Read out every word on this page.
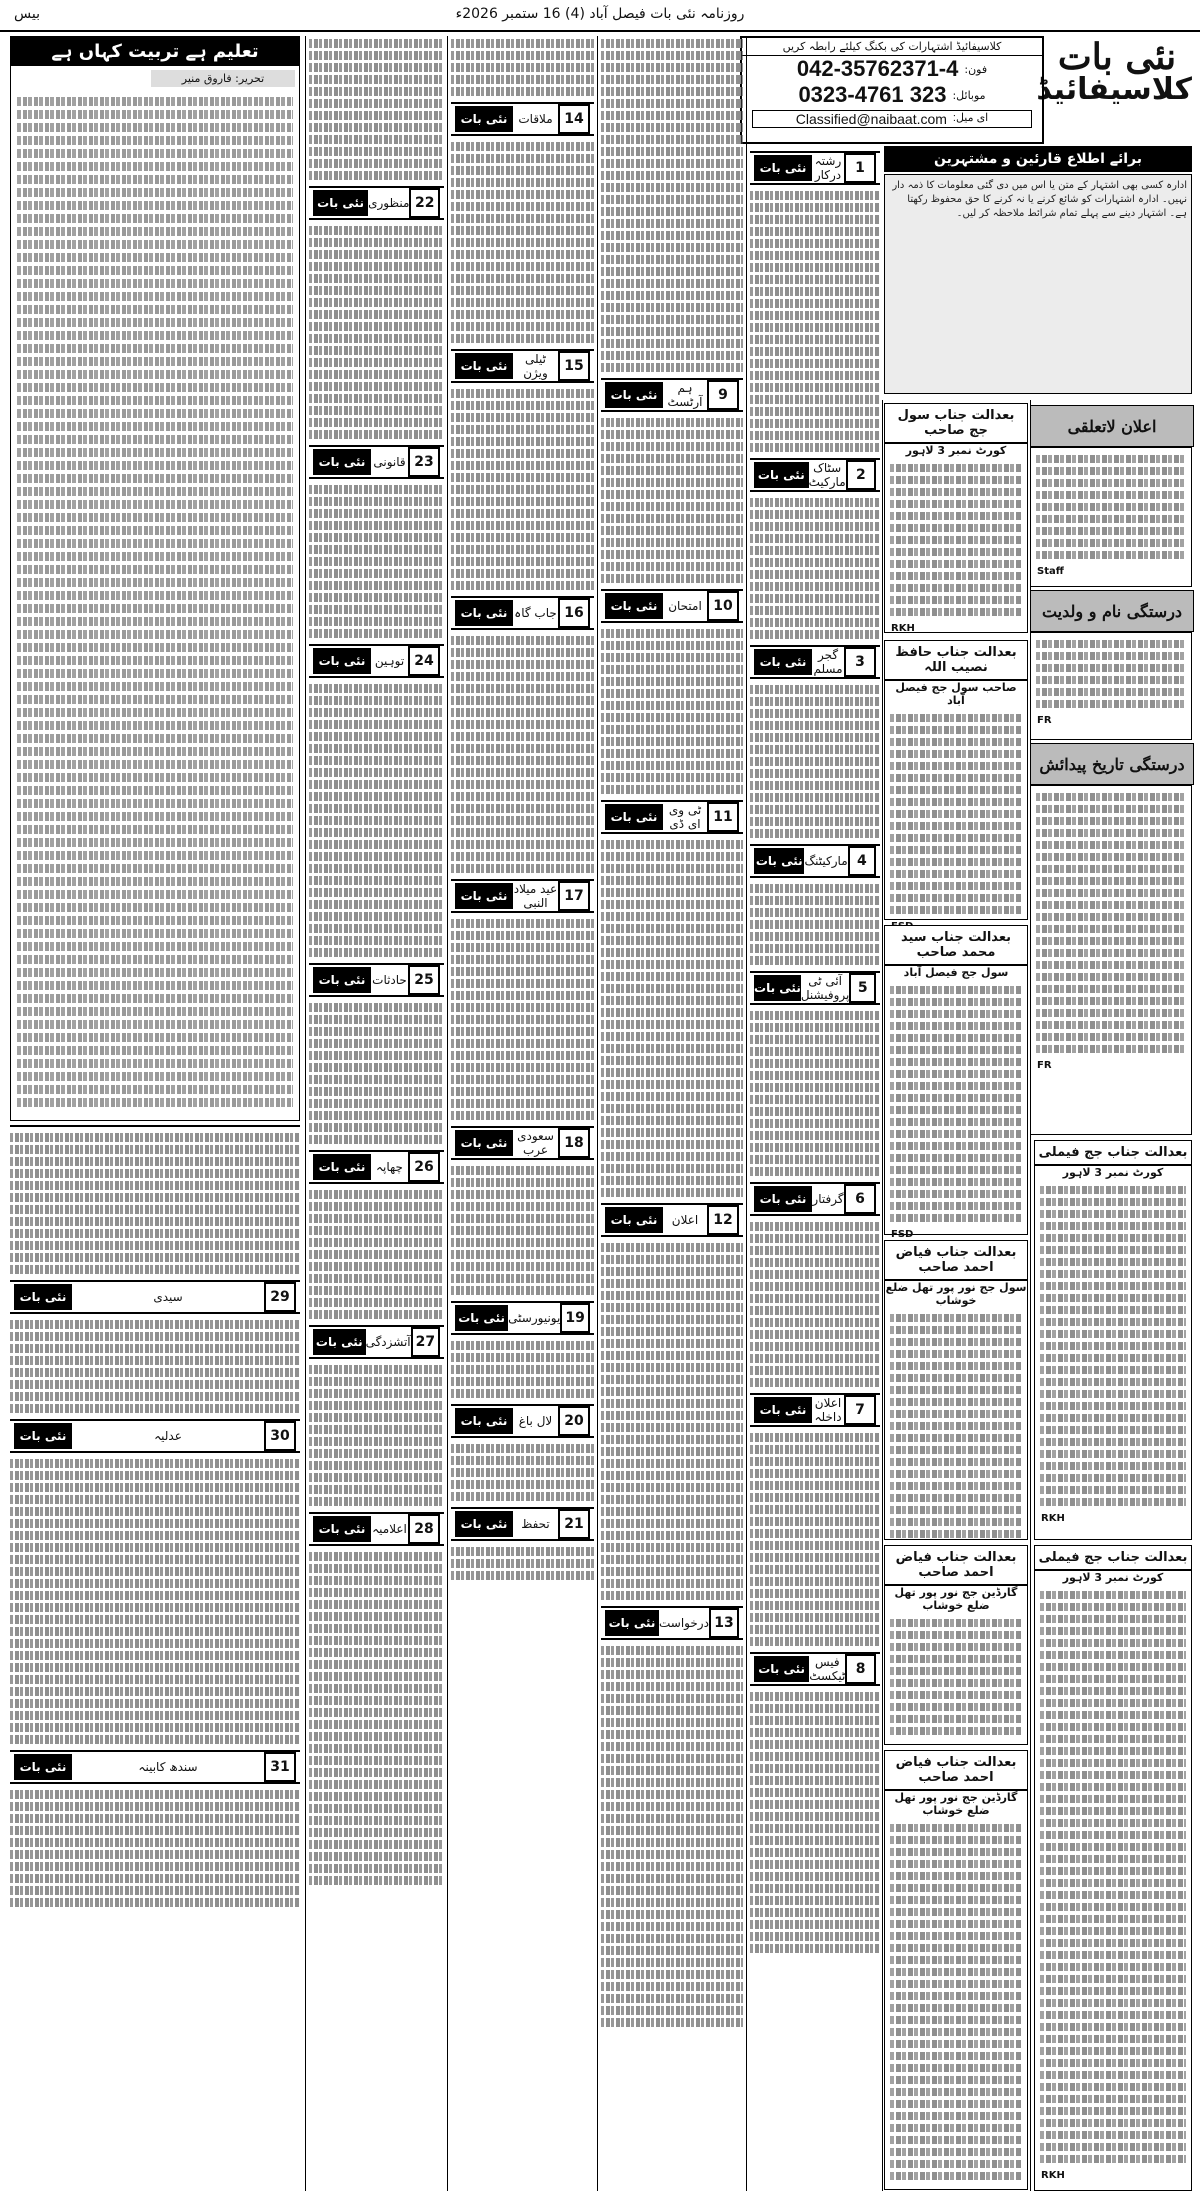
روزنامہ نئی بات فیصل آباد (4) 16 ستمبر 2026ء
بیس
نئی بات
کلاسیفائیڈ
کلاسیفائیڈ اشتہارات کی بکنگ کیلئے رابطہ کریں
042-35762371-4 فون:
0323-4761 323 موبائل:
Classified@naibaat.com ای میل:
برائے اطلاع قارئین و مشتہرین
ادارہ کسی بھی اشتہار کے متن یا اس میں دی گئی معلومات کا ذمہ دار نہیں۔ ادارہ اشتہارات کو شائع کرنے یا نہ کرنے کا حق محفوظ رکھتا ہے۔ اشتہار دینے سے پہلے تمام شرائط ملاحظہ کر لیں۔
تعلیم ہے تربیت کہاں ہے
تحریر: فاروق منیر
1
رشتہ درکار
نئی بات
2
سٹاک مارکیٹ
نئی بات
3
گجر مسلم
نئی بات
4
مارکیٹنگ
نئی بات
5
آئی ٹی پروفیشنل
نئی بات
6
گرفتار
نئی بات
7
اعلان داخلہ
نئی بات
8
فیس ٹیکسٹ
نئی بات
9
ہم آرٹسٹ
نئی بات
10
امتحان
نئی بات
11
ٹی وی ای ڈی
نئی بات
12
اعلان
نئی بات
13
درخواست
نئی بات
14
ملاقات
نئی بات
15
ٹیلی ویژن
نئی بات
16
جاب گاہ
نئی بات
17
عید میلاد النبی
نئی بات
18
سعودی عرب
نئی بات
19
یونیورسٹی
نئی بات
20
لال باغ
نئی بات
21
تحفظ
نئی بات
22
منظوری
نئی بات
23
قانونی
نئی بات
24
توہین
نئی بات
25
حادثات
نئی بات
26
چھاپہ
نئی بات
27
آتشزدگی
نئی بات
28
اعلامیہ
نئی بات
29
سیدی
نئی بات
30
عدلیہ
نئی بات
31
سندھ کابینہ
نئی بات
بعدالت جناب سول جج صاحب
کورٹ نمبر 3 لاہور
RKH
بعدالت جناب حافظ نصیب اللہ
صاحب سول جج فیصل آباد
بعدالت جناب سید محمد صاحب
سول جج فیصل آباد
FSD
بعدالت جناب فیاض احمد صاحب
سول جج نور پور تھل ضلع خوشاب
بعدالت جناب فیاض احمد صاحب
گارڈین جج نور پور تھل ضلع خوشاب
بعدالت جناب فیاض احمد صاحب
گارڈین جج نور پور تھل ضلع خوشاب
اعلان لاتعلقی
Staff
درستگی نام و ولدیت
FR
درستگی تاریخ پیدائش
FR
بعدالت جناب جج فیملی
کورٹ نمبر 3 لاہور
RKH
بعدالت جناب جج فیملی
کورٹ نمبر 3 لاہور
RKH
